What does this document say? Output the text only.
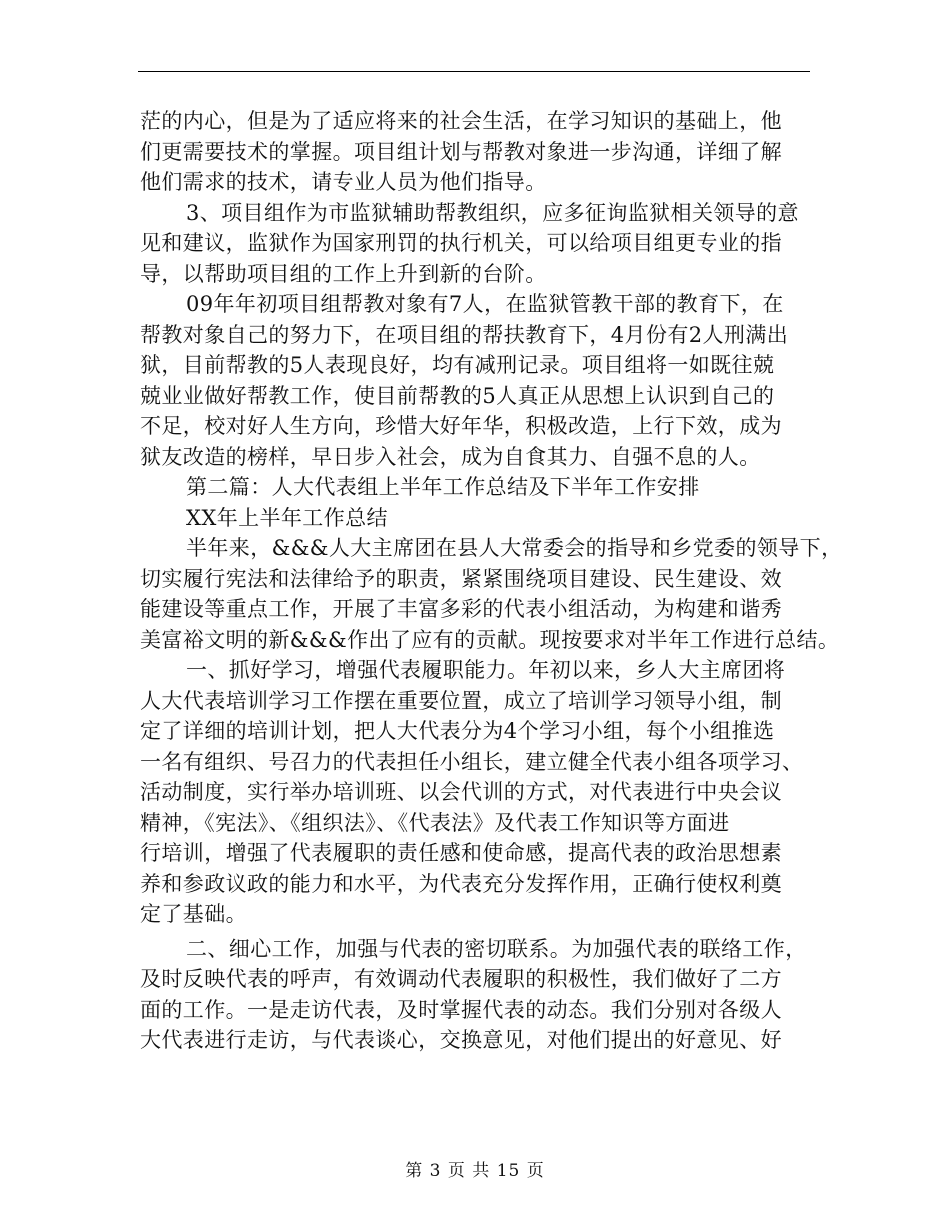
茫的内心，但是为了适应将来的社会生活，在学习知识的基础上，他
们更需要技术的掌握。项目组计划与帮教对象进一步沟通，详细了解
他们需求的技术，请专业人员为他们指导。
3、项目组作为市监狱辅助帮教组织，应多征询监狱相关领导的意
见和建议，监狱作为国家刑罚的执行机关，可以给项目组更专业的指
导，以帮助项目组的工作上升到新的台阶。
09年年初项目组帮教对象有7人，在监狱管教干部的教育下，在
帮教对象自己的努力下，在项目组的帮扶教育下，4月份有2人刑满出
狱，目前帮教的5人表现良好，均有减刑记录。项目组将一如既往兢
兢业业做好帮教工作，使目前帮教的5人真正从思想上认识到自己的
不足，校对好人生方向，珍惜大好年华，积极改造，上行下效，成为
狱友改造的榜样，早日步入社会，成为自食其力、自强不息的人。
第二篇：人大代表组上半年工作总结及下半年工作安排
XX年上半年工作总结
半年来，&&&人大主席团在县人大常委会的指导和乡党委的领导下，
切实履行宪法和法律给予的职责，紧紧围绕项目建设、民生建设、效
能建设等重点工作，开展了丰富多彩的代表小组活动，为构建和谐秀
美富裕文明的新&&&作出了应有的贡献。现按要求对半年工作进行总结。
一、抓好学习，增强代表履职能力。年初以来，乡人大主席团将
人大代表培训学习工作摆在重要位置，成立了培训学习领导小组，制
定了详细的培训计划，把人大代表分为4个学习小组，每个小组推选
一名有组织、号召力的代表担任小组长，建立健全代表小组各项学习、
活动制度，实行举办培训班、以会代训的方式，对代表进行中央会议
精神，《宪法》、《组织法》、《代表法》及代表工作知识等方面进
行培训，增强了代表履职的责任感和使命感，提高代表的政治思想素
养和参政议政的能力和水平，为代表充分发挥作用，正确行使权利奠
定了基础。
二、细心工作，加强与代表的密切联系。为加强代表的联络工作，
及时反映代表的呼声，有效调动代表履职的积极性，我们做好了二方
面的工作。一是走访代表，及时掌握代表的动态。我们分别对各级人
大代表进行走访，与代表谈心，交换意见，对他们提出的好意见、好
第 3 页 共 15 页
